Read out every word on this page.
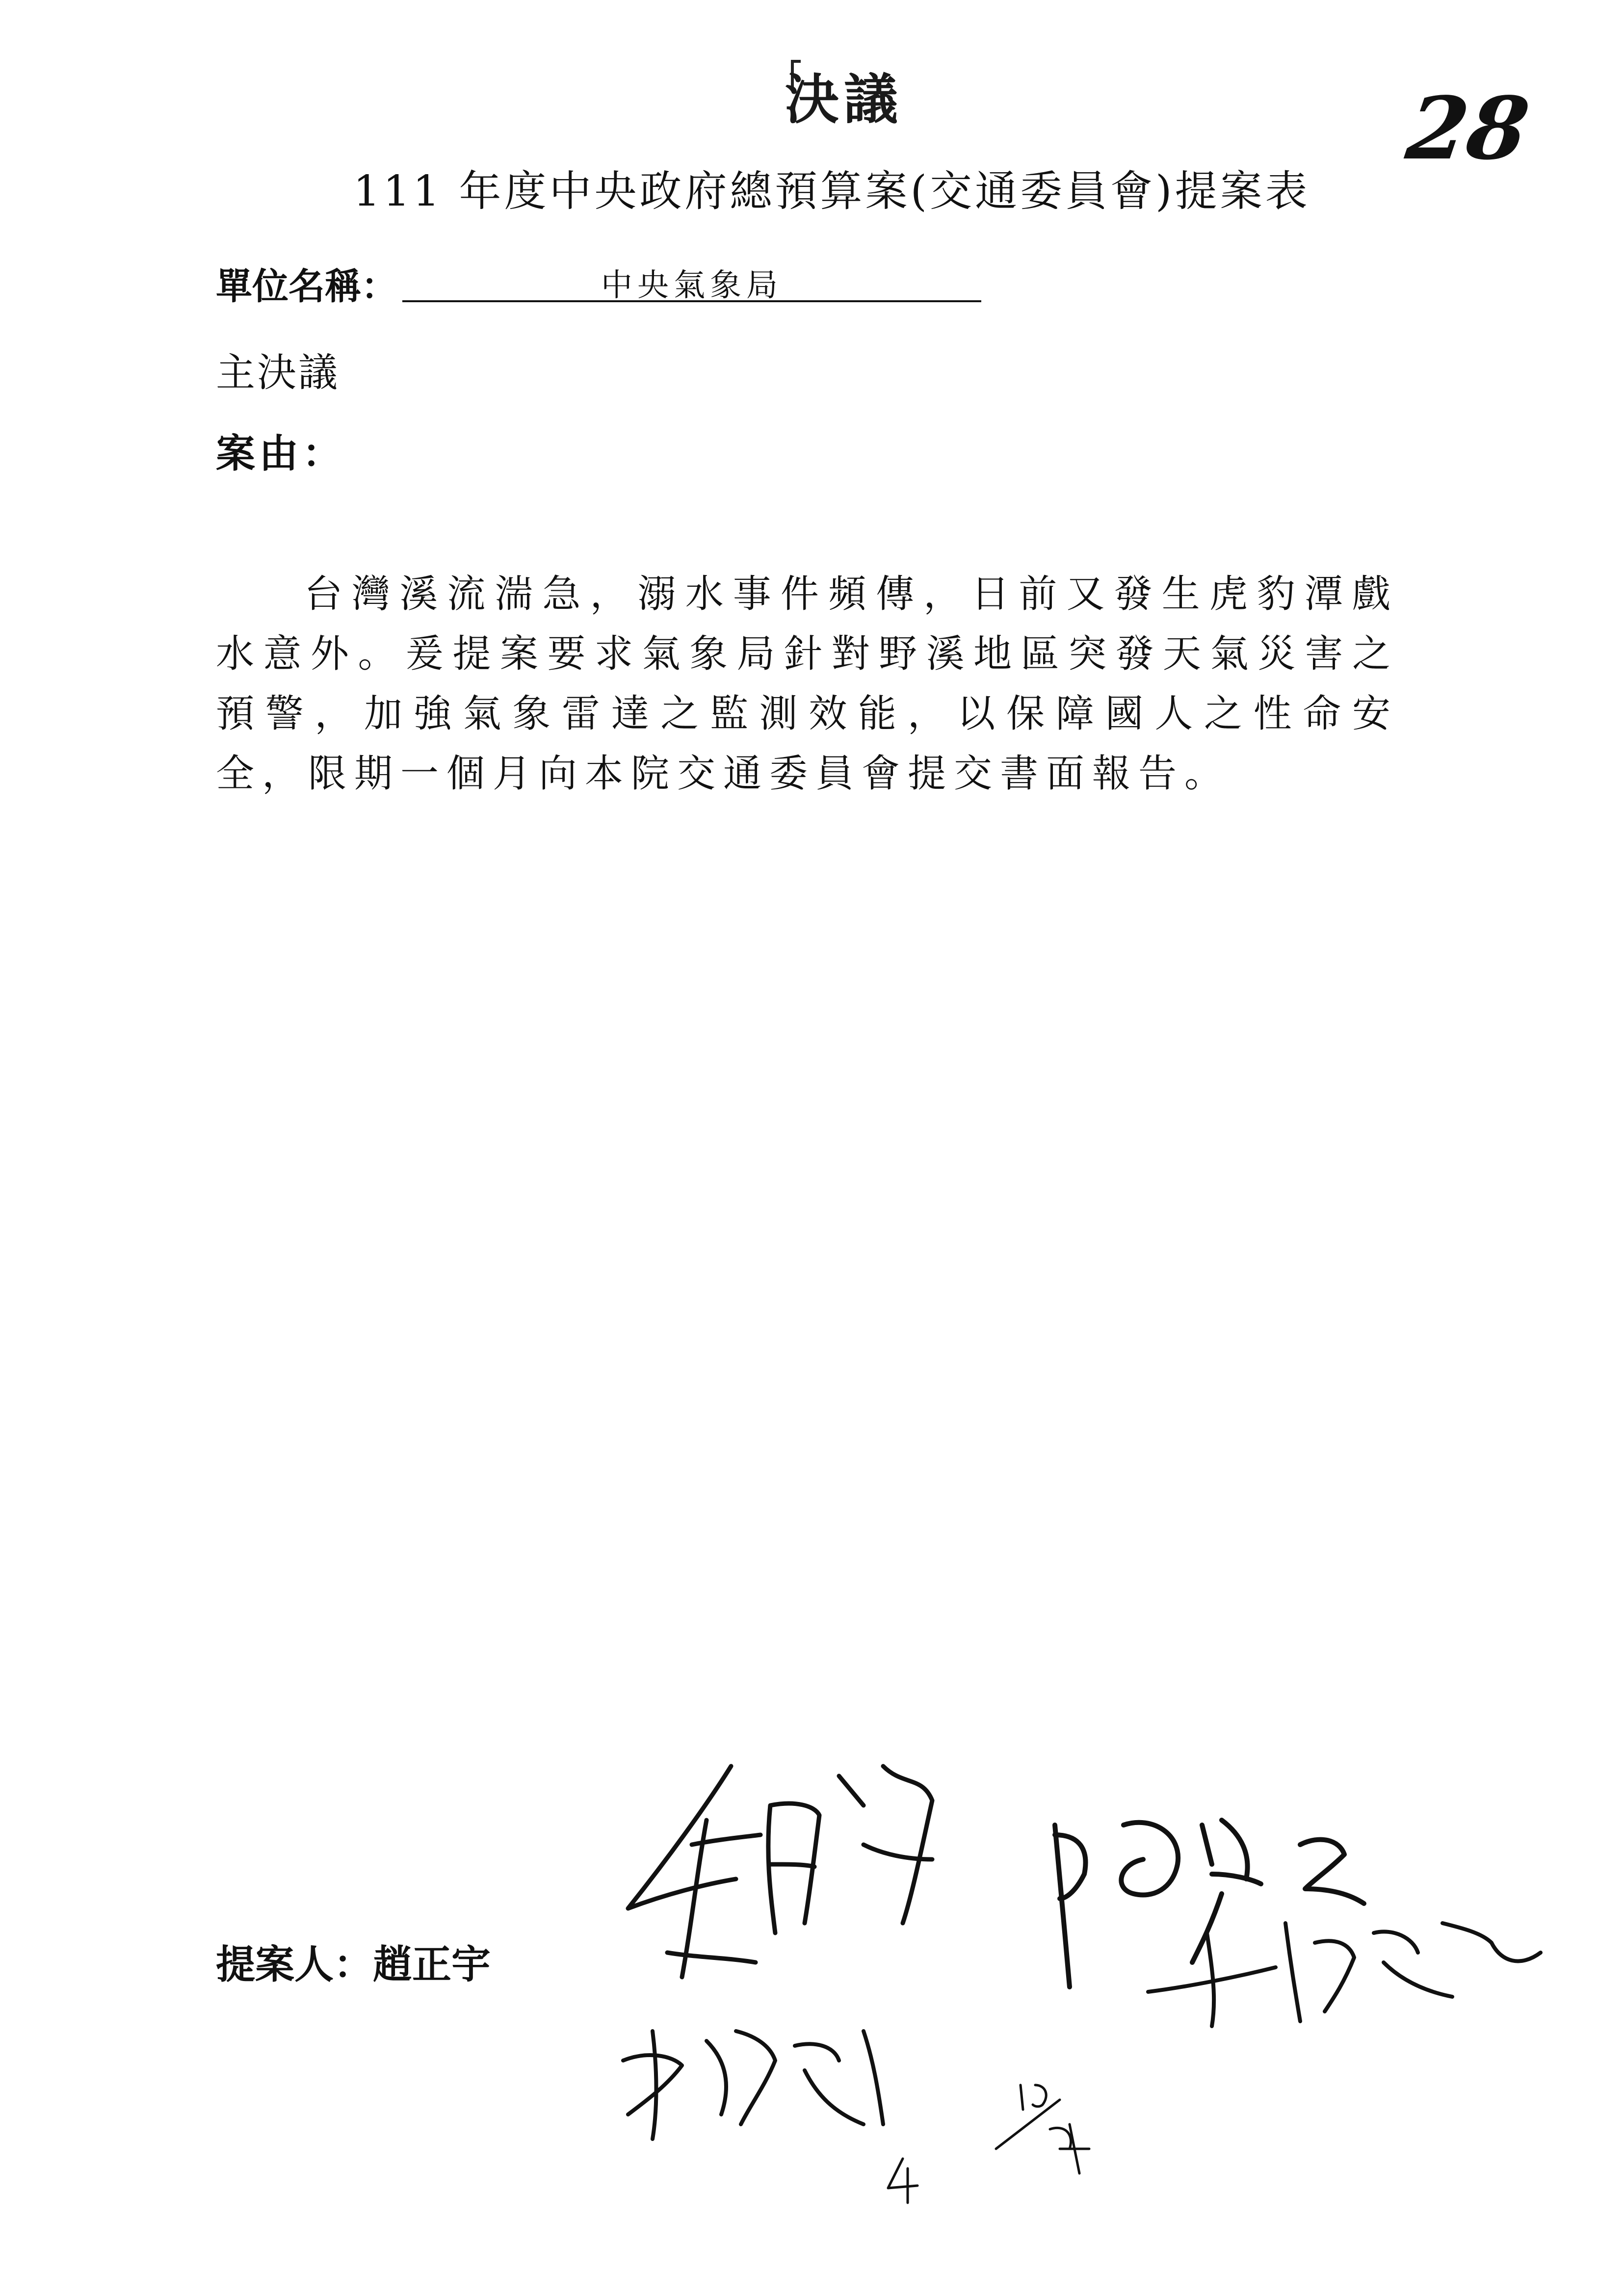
決議	28
111 年度中央政府總預算案(交通委員會)提案表
單位名稱：	中央氣象局
主決議
案由：
台灣溪流湍急，溺水事件頻傳，日前又發生虎豹潭戲水意外。爰提案要求氣象局針對野溪地區突發天氣災害之預警，加強氣象雷達之監測效能，以保障國人之性命安全，限期一個月向本院交通委員會提交書面報告。
提案人：趙正宇
